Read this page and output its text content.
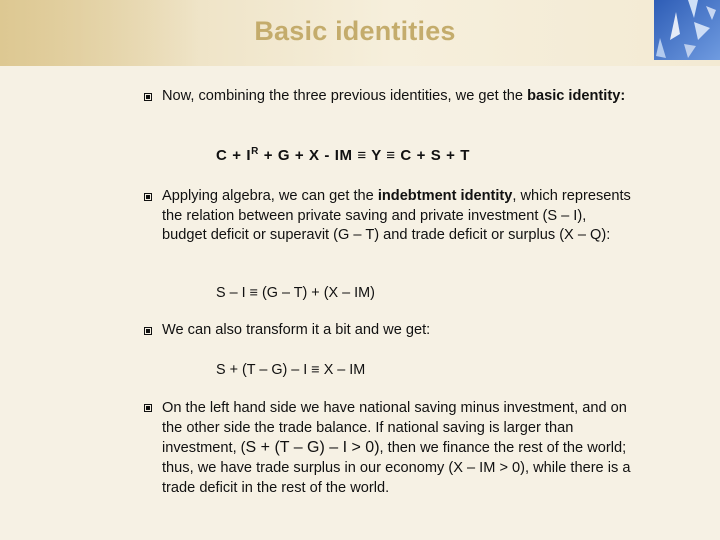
Basic identities
Now, combining the three previous identities, we get the basic identity:
$C + I^R + G + X$ - IM ≡ Y ≡ C + S + T
Applying algebra, we can get the indebtment identity, which represents the relation between private saving and private investment (S – I), budget deficit or superavit (G – T) and trade deficit or surplus (X – Q):
S – I ≡ (G – T) + (X – IM)
We can also transform it a bit and we get:
S + (T – G) – I ≡ X – IM
On the left hand side we have national saving minus investment, and on the other side the trade balance. If national saving is larger than investment, (S + (T – G) – I > 0), then we finance the rest of the world; thus, we have trade surplus in our economy (X – IM > 0), while there is a trade deficit in the rest of the world.
